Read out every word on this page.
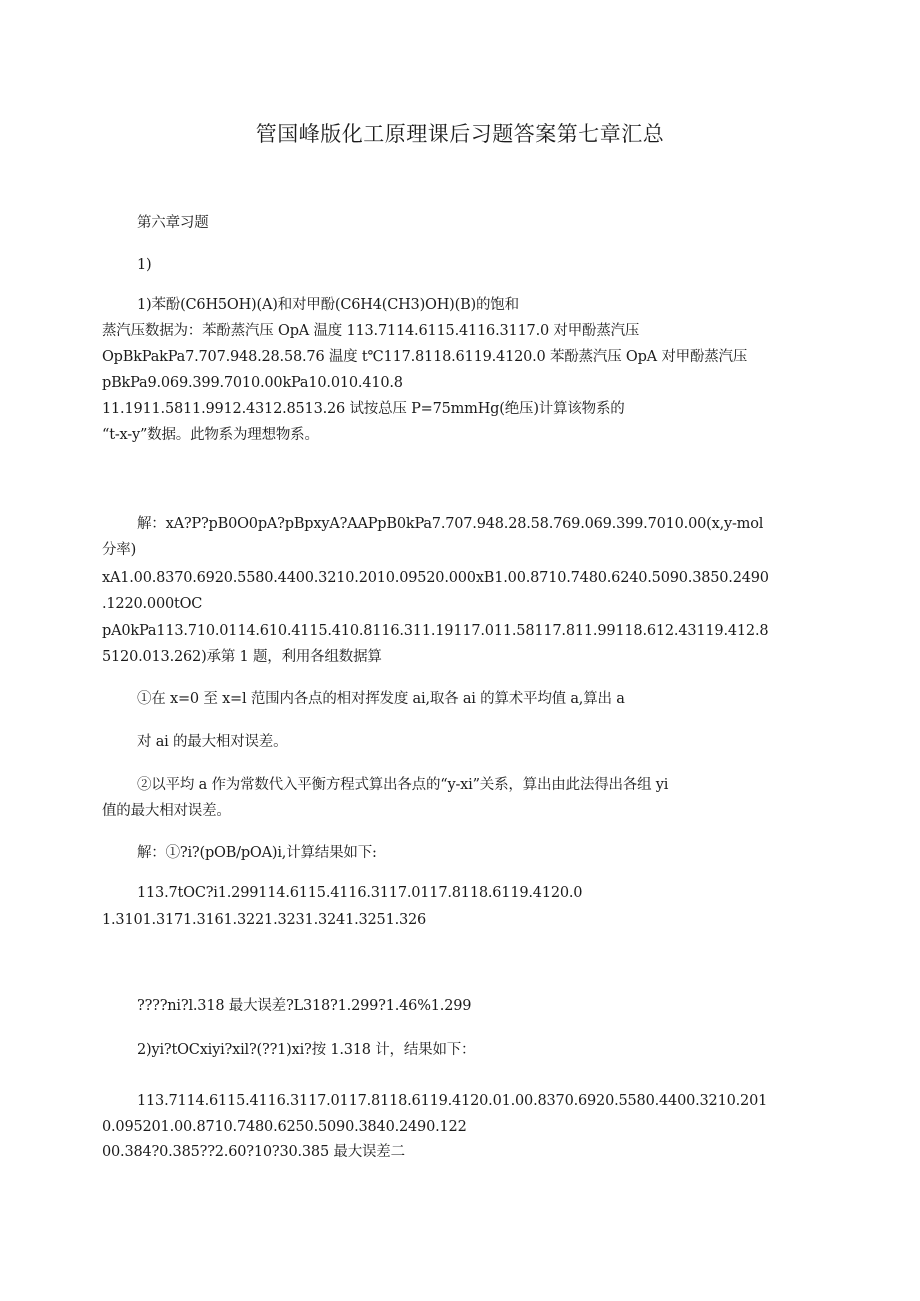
管国峰版化工原理课后习题答案第七章汇总
第六章习题
1)
1)苯酚(C6H5OH)(A)和对甲酚(C6H4(CH3)OH)(B)的饱和
蒸汽压数据为：苯酚蒸汽压 OpA 温度 113.7114.6115.4116.3117.0 对甲酚蒸汽压
OpBkPakPa7.707.948.28.58.76 温度 t℃117.8118.6119.4120.0 苯酚蒸汽压 OpA 对甲酚蒸汽压
pBkPa9.069.399.7010.00kPa10.010.410.8
11.1911.5811.9912.4312.8513.26 试按总压 P=75mmHg(绝压)计算该物系的
“t-x-y”数据。此物系为理想物系。
解：xA?P?pB0O0pA?pBpxyA?AAPpB0kPa7.707.948.28.58.769.069.399.7010.00(x,y-mol
分率)
xA1.00.8370.6920.5580.4400.3210.2010.09520.000xB1.00.8710.7480.6240.5090.3850.2490
.1220.000tOC
pA0kPa113.710.0114.610.4115.410.8116.311.19117.011.58117.811.99118.612.43119.412.8
5120.013.262)承第 1 题，利用各组数据算
①在 x=0 至 x=l 范围内各点的相对挥发度 ai,取各 ai 的算术平均值 a,算出 a
对 ai 的最大相对误差。
②以平均 a 作为常数代入平衡方程式算出各点的“y-xi”关系，算出由此法得出各组 yi
值的最大相对误差。
解：①?i?(pOB/pOA)i,计算结果如下:
113.7tOC?i1.299114.6115.4116.3117.0117.8118.6119.4120.0
1.3101.3171.3161.3221.3231.3241.3251.326
????ni?l.318 最大误差?L318?1.299?1.46%1.299
2)yi?tOCxiyi?xil?(??1)xi?按 1.318 计，结果如下：
113.7114.6115.4116.3117.0117.8118.6119.4120.01.00.8370.6920.5580.4400.3210.201
0.095201.00.8710.7480.6250.5090.3840.2490.122
00.384?0.385??2.60?10?30.385 最大误差二
